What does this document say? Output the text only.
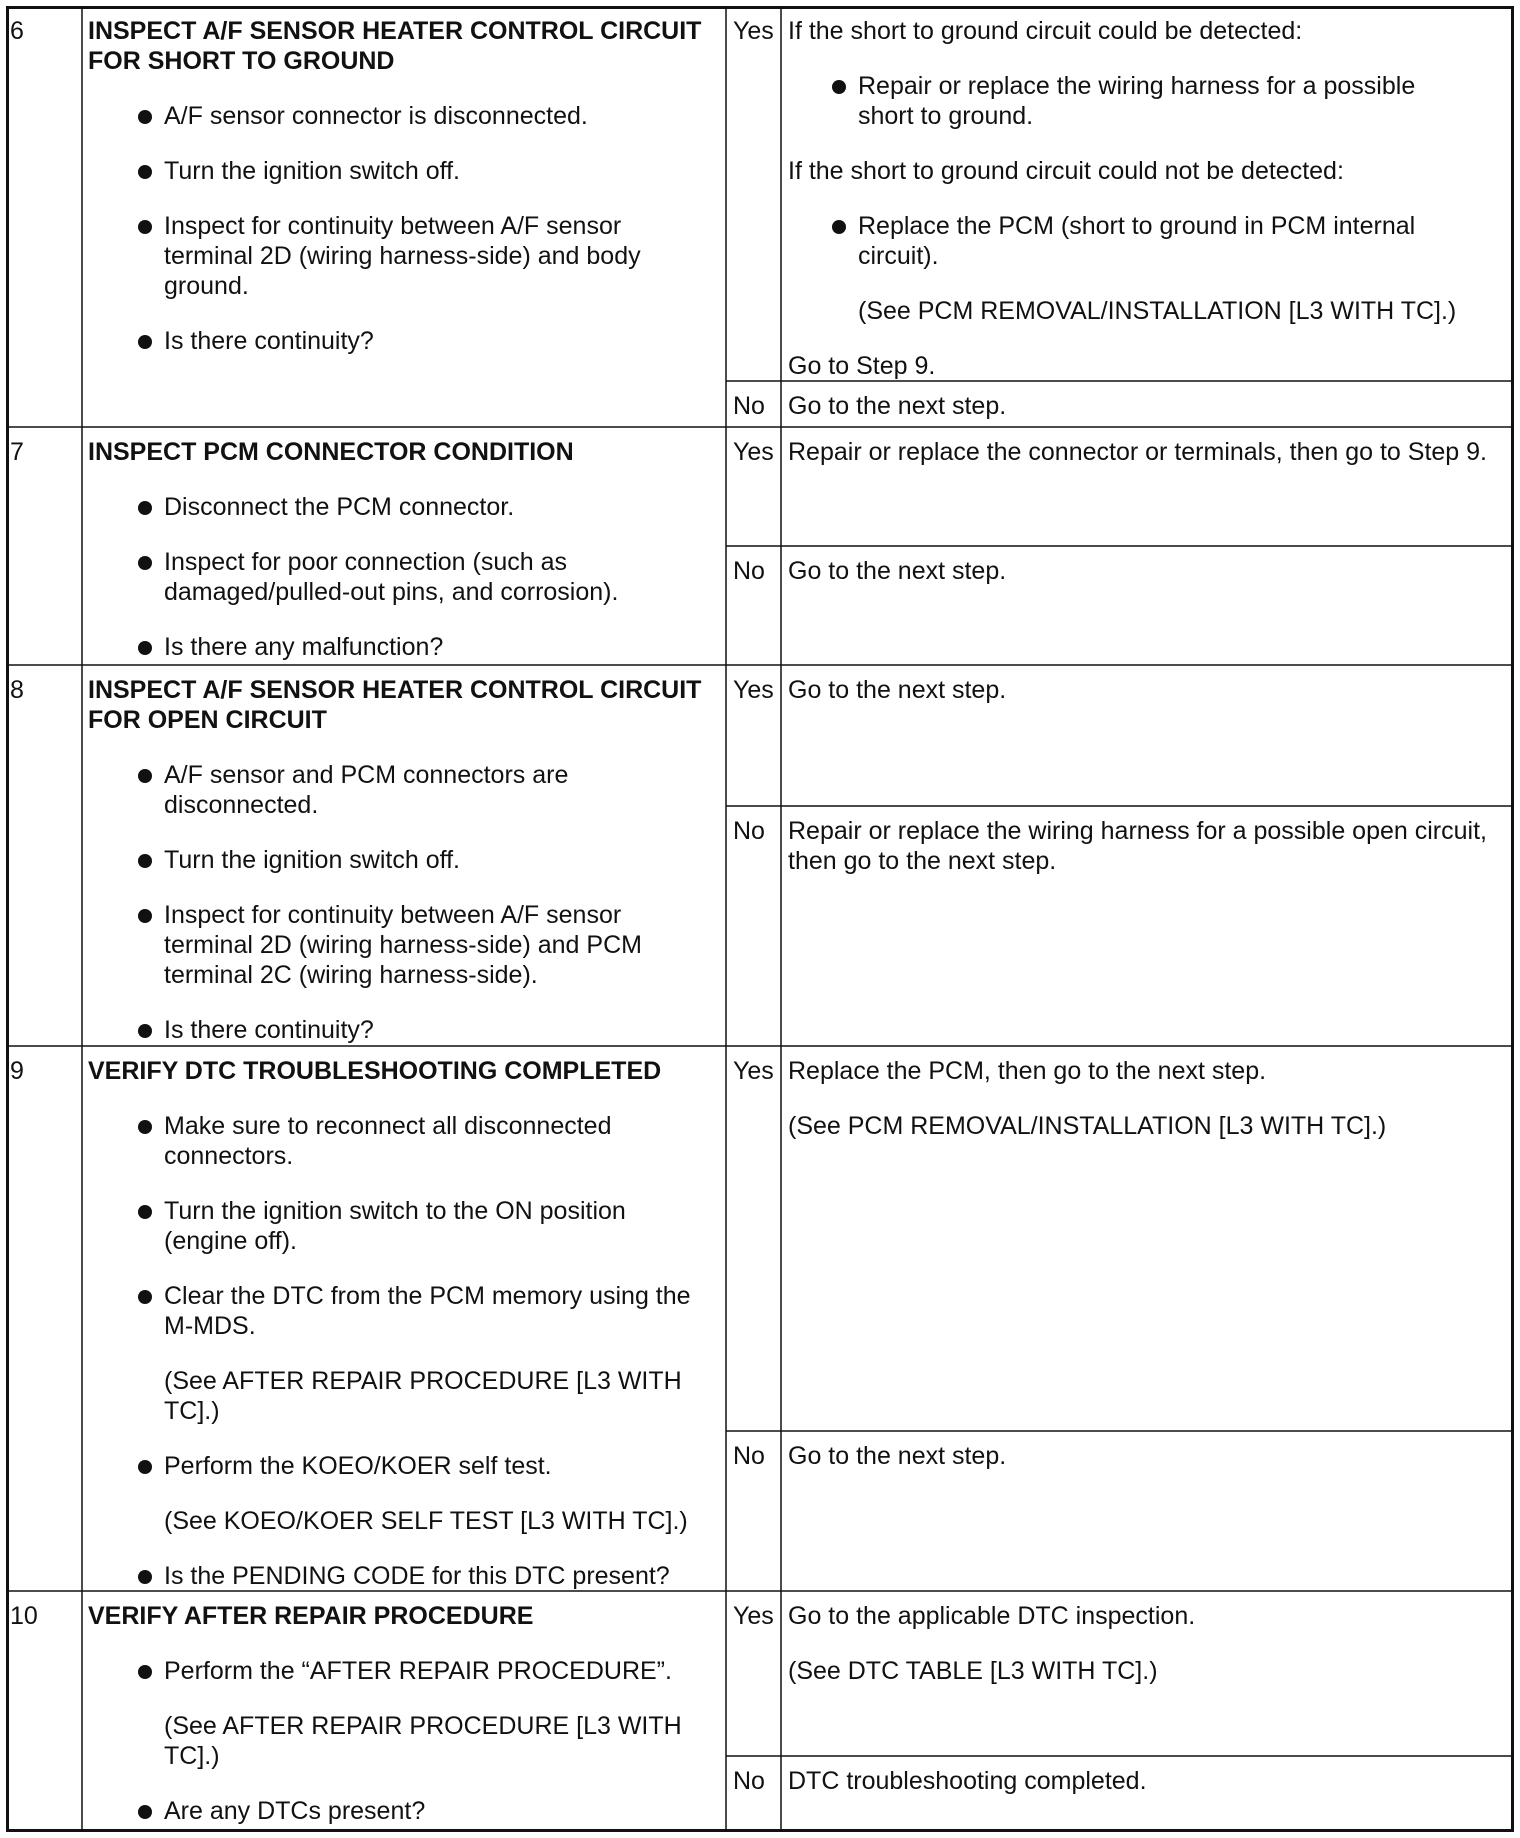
6	INSPECT A/F SENSOR HEATER CONTROL CIRCUIT
FOR SHORT TO GROUND
A/F sensor connector is disconnected.
Turn the ignition switch off.
Inspect for continuity between A/F sensor
terminal 2D (wiring harness-side) and body
ground.
Is there continuity?
Yes If the short to ground circuit could be detected:
Repair or replace the wiring harness for a possible
short to ground.
If the short to ground circuit could not be detected:
Replace the PCM (short to ground in PCM internal
circuit).
(See PCM REMOVAL/INSTALLATION [L3 WITH TC].)
Go to Step 9.
No Go to the next step.
7	INSPECT PCM CONNECTOR CONDITION
Disconnect the PCM connector.
Inspect for poor connection (such as
damaged/pulled-out pins, and corrosion).
Is there any malfunction?
Yes Repair or replace the connector or terminals, then go to Step 9.
No Go to the next step.
8	INSPECT A/F SENSOR HEATER CONTROL CIRCUIT
FOR OPEN CIRCUIT
A/F sensor and PCM connectors are
disconnected.
Turn the ignition switch off.
Inspect for continuity between A/F sensor
terminal 2D (wiring harness-side) and PCM
terminal 2C (wiring harness-side).
Is there continuity?
Yes Go to the next step.
No Repair or replace the wiring harness for a possible open circuit,
then go to the next step.
9	VERIFY DTC TROUBLESHOOTING COMPLETED
Make sure to reconnect all disconnected
connectors.
Turn the ignition switch to the ON position
(engine off).
Clear the DTC from the PCM memory using the
M-MDS.
(See AFTER REPAIR PROCEDURE [L3 WITH
TC].)
Perform the KOEO/KOER self test.
(See KOEO/KOER SELF TEST [L3 WITH TC].)
Is the PENDING CODE for this DTC present?
Yes Replace the PCM, then go to the next step.
(See PCM REMOVAL/INSTALLATION [L3 WITH TC].)
No Go to the next step.
10 VERIFY AFTER REPAIR PROCEDURE
Perform the “AFTER REPAIR PROCEDURE”.
(See AFTER REPAIR PROCEDURE [L3 WITH
TC].)
Are any DTCs present?
Yes Go to the applicable DTC inspection.
(See DTC TABLE [L3 WITH TC].)
No DTC troubleshooting completed.
